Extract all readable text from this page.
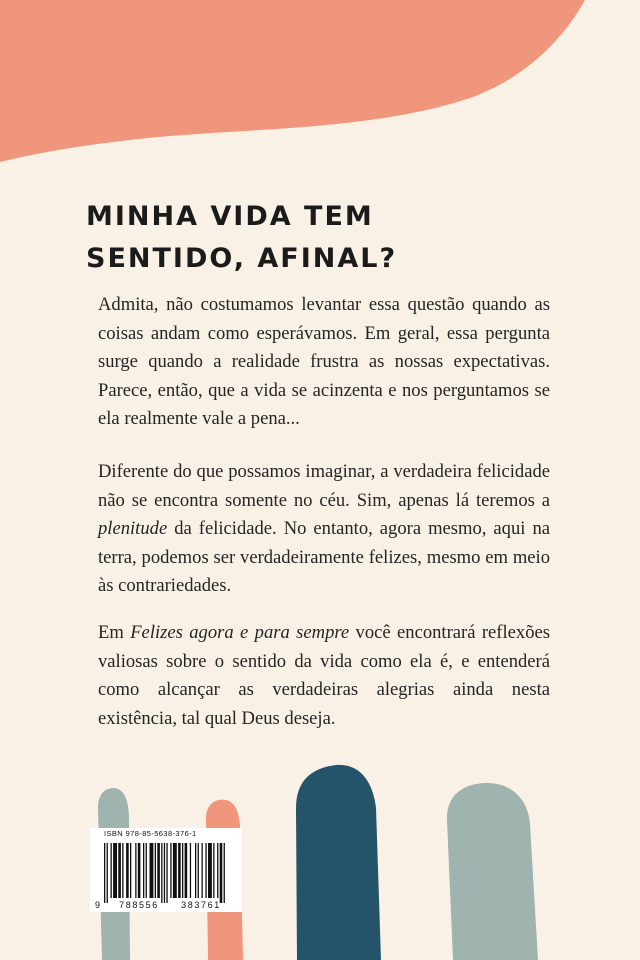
MINHA VIDA TEM
SENTIDO, AFINAL?

Admita, não costumamos levantar essa questão quando as coisas andam como esperávamos. Em geral, essa pergunta surge quando a realidade frustra as nossas expectativas. Parece, então, que a vida se acinzenta e nos perguntamos se ela realmente vale a pena...

Diferente do que possamos imaginar, a verdadeira felicidade não se encontra somente no céu. Sim, apenas lá teremos a plenitude da felicidade. No entanto, agora mesmo, aqui na terra, podemos ser verdadeiramente felizes, mesmo em meio às contrariedades.

Em Felizes agora e para sempre você encontrará reflexões valiosas sobre o sentido da vida como ela é, e entenderá como alcançar as verdadeiras alegrias ainda nesta existência, tal qual Deus deseja.

ISBN 978-85-5638-376-1
9 788556 383761
